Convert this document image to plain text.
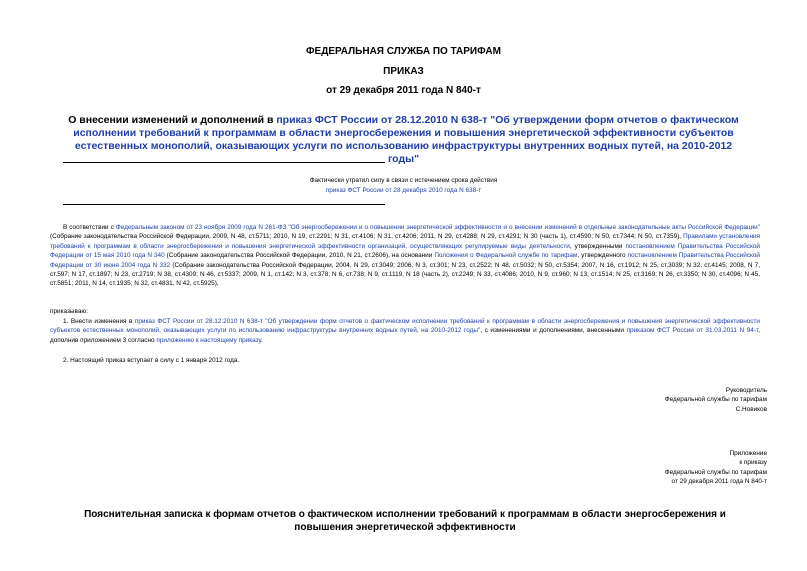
ФЕДЕРАЛЬНАЯ СЛУЖБА ПО ТАРИФАМ
ПРИКАЗ
от 29 декабря 2011 года N 840-т
О внесении изменений и дополнений в приказ ФСТ России от 28.12.2010 N 638-т "Об утверждении форм отчетов о фактическом исполнении требований к программам в области энергосбережения и повышения энергетической эффективности субъектов естественных монополий, оказывающих услуги по использованию инфраструктуры внутренних водных путей, на 2010-2012 годы"
Фактически утратил силу в связи с истечением срока действия
приказ ФСТ России от 28 декабря 2010 года N 638-т
В соответствии с Федеральным законом от 23 ноября 2009 года N 261-ФЗ "Об энергосбережении и о повышении энергетической эффективности и о внесении изменений в отдельные законодательные акты Российской Федерации" (Собрание законодательства Российской Федерации, 2009, N 48, ст.5711; 2010, N 19, ст.2291; N 31, ст.4106; N 31, ст.4206; 2011, N 29, ст.4288; N 29, ст.4291; N 30 (часть 1), ст.4590; N 50, ст.7344; N 50, ст.7359), Правилами установления требований к программам в области энергосбережения и повышения энергетической эффективности организаций, осуществляющих регулируемые виды деятельности, утвержденными постановлением Правительства Российской Федерации от 15 мая 2010 года N 340 (Собрание законодательства Российской Федерации, 2010, N 21, ст.2606), на основании Положения о Федеральной службе по тарифам, утвержденного постановлением Правительства Российской Федерации от 30 июня 2004 года N 332 (Собрание законодательства Российской Федерации, 2004, N 29, ст.3049; 2006, N 3, ст.301; N 23, ст.2522; N 48, ст.5032; N 50, ст.5354; 2007, N 16, ст.1912; N 25, ст.3039; N 32, ст.4145; 2008, N 7, ст.597; N 17, ст.1897; N 23, ст.2719; N 38, ст.4309; N 46, ст.5337; 2009, N 1, ст.142; N 3, ст.378; N 6, ст.738; N 9, ст.1119, N 18 (часть 2), ст.2249; N 33, ст.4086; 2010, N 9, ст.960; N 13, ст.1514; N 25, ст.3169; N 26, ст.3350; N 30, ст.4096; N 45, ст.5851; 2011, N 14, ст.1935; N 32, ст.4831, N 42, ст.5925),
приказываю:
1. Внести изменения в приказ ФСТ России от 28.12.2010 N 638-т "Об утверждении форм отчетов о фактическом исполнении требований к программам в области энергосбережения и повышения энергетической эффективности субъектов естественных монополий, оказывающих услуги по использованию инфраструктуры внутренних водных путей, на 2010-2012 годы", с изменениями и дополнениями, внесенными приказом ФСТ России от 31.03.2011 N 94-т, дополнив приложением 3 согласно приложению к настоящему приказу.
2. Настоящий приказ вступает в силу с 1 января 2012 года.
Руководитель
Федеральной службы по тарифам
С.Новиков
Приложение
к приказу
Федеральной службы по тарифам
от 29 декабря 2011 года N 840-т
Пояснительная записка к формам отчетов о фактическом исполнении требований к программам в области энергосбережения и повышения энергетической эффективности
